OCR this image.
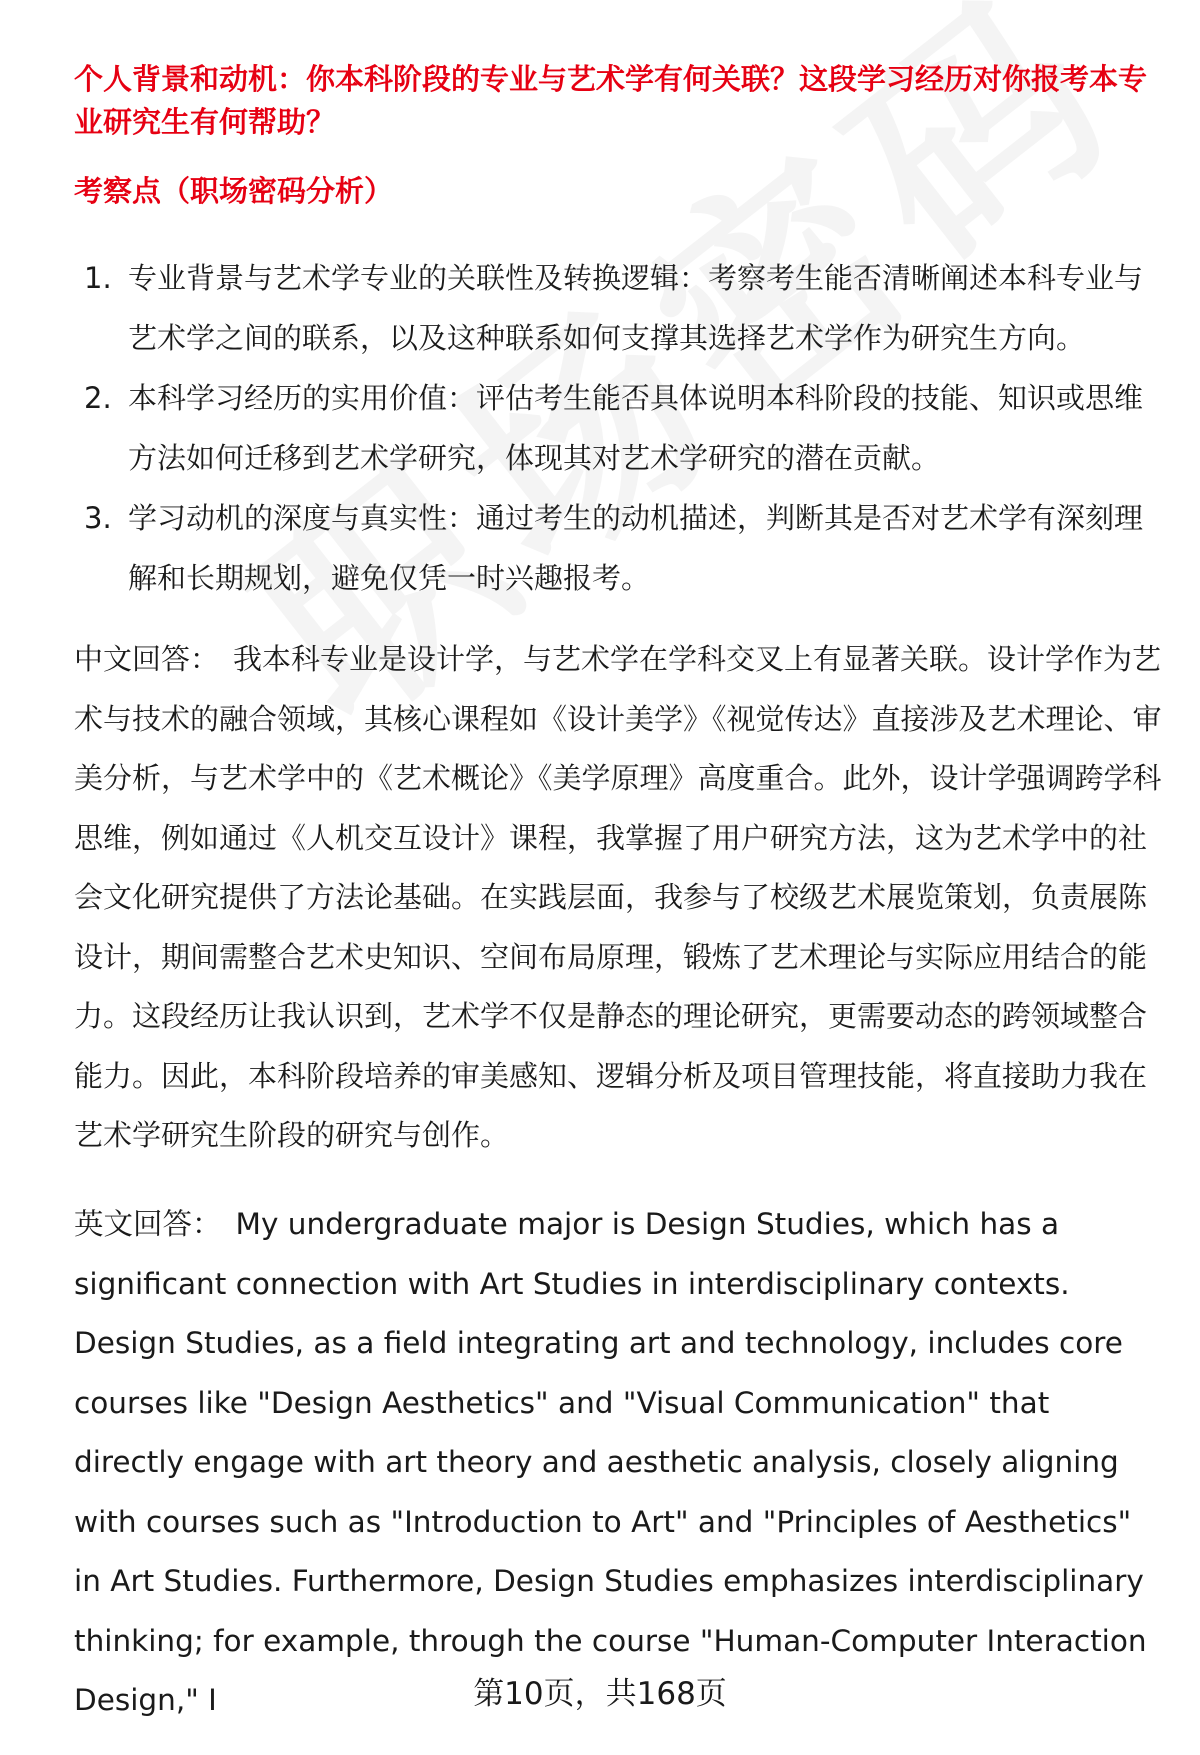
个人背景和动机：你本科阶段的专业与艺术学有何关联？这段学习经历对你报考本专业研究生有何帮助？
考察点（职场密码分析）
1. 专业背景与艺术学专业的关联性及转换逻辑：考察考生能否清晰阐述本科专业与艺术学之间的联系，以及这种联系如何支撑其选择艺术学作为研究生方向。
2. 本科学习经历的实用价值：评估考生能否具体说明本科阶段的技能、知识或思维方法如何迁移到艺术学研究，体现其对艺术学研究的潜在贡献。
3. 学习动机的深度与真实性：通过考生的动机描述，判断其是否对艺术学有深刻理解和长期规划，避免仅凭一时兴趣报考。
中文回答： 我本科专业是设计学，与艺术学在学科交叉上有显著关联。设计学作为艺术与技术的融合领域，其核心课程如《设计美学》《视觉传达》直接涉及艺术理论、审美分析，与艺术学中的《艺术概论》《美学原理》高度重合。此外，设计学强调跨学科思维，例如通过《人机交互设计》课程，我掌握了用户研究方法，这为艺术学中的社会文化研究提供了方法论基础。在实践层面，我参与了校级艺术展览策划，负责展陈设计，期间需整合艺术史知识、空间布局原理，锻炼了艺术理论与实际应用结合的能力。这段经历让我认识到，艺术学不仅是静态的理论研究，更需要动态的跨领域整合能力。因此，本科阶段培养的审美感知、逻辑分析及项目管理技能，将直接助力我在艺术学研究生阶段的研究与创作。
英文回答： My undergraduate major is Design Studies, which has a significant connection with Art Studies in interdisciplinary contexts. Design Studies, as a field integrating art and technology, includes core courses like "Design Aesthetics" and "Visual Communication" that directly engage with art theory and aesthetic analysis, closely aligning with courses such as "Introduction to Art" and "Principles of Aesthetics" in Art Studies. Furthermore, Design Studies emphasizes interdisciplinary thinking; for example, through the course "Human-Computer Interaction Design," I	第10页，共168页
